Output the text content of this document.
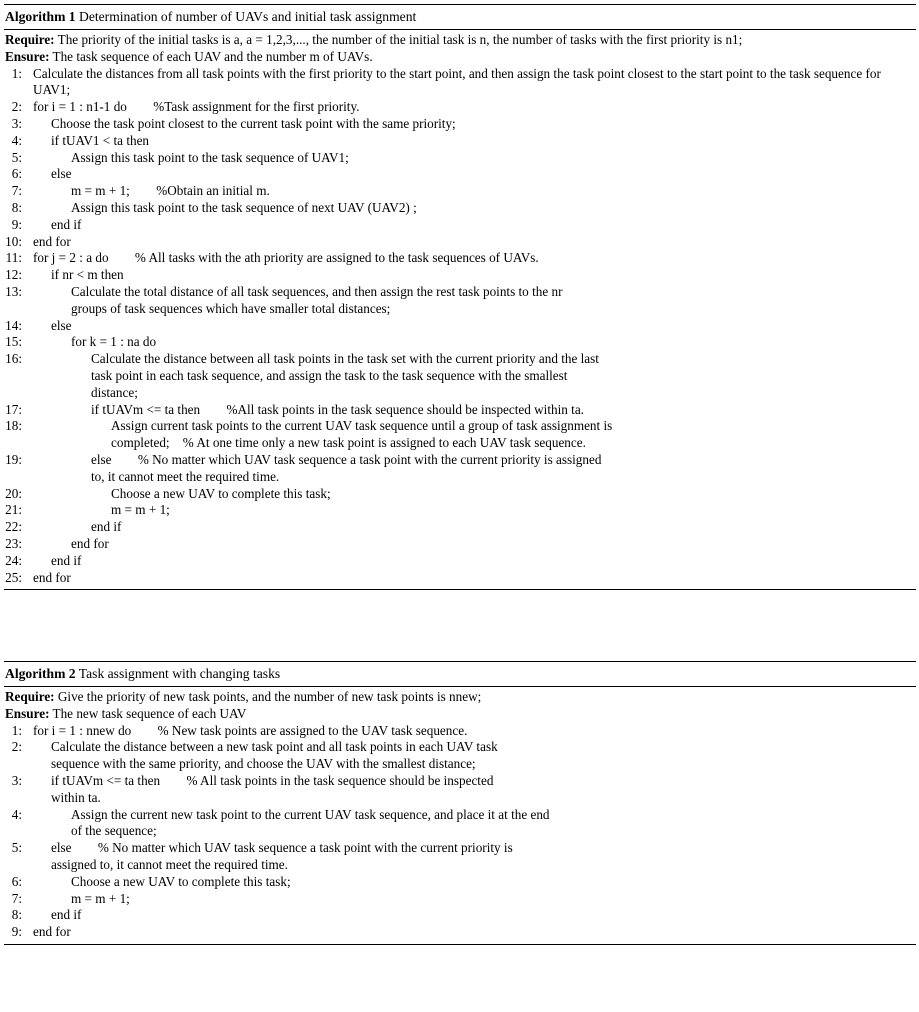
Algorithm 1 Determination of number of UAVs and initial task assignment
Require: The priority of the initial tasks is a, a = 1,2,3,..., the number of the initial task is n, the number of tasks with the first priority is n1;
Ensure: The task sequence of each UAV and the number m of UAVs.
1: Calculate the distances from all task points with the first priority to the start point, and then assign the task point closest to the start point to the task sequence for UAV1;
2: for i = 1 : n1-1 do        %Task assignment for the first priority.
3: Choose the task point closest to the current task point with the same priority;
4: if tUAV1 < ta then
5:	Assign this task point to the task sequence of UAV1;
6: else
7:	m = m + 1;        %Obtain an initial m.
8:	Assign this task point to the task sequence of next UAV (UAV2) ;
9: end if
10: end for
11: for j = 2 : a do        % All tasks with the ath priority are assigned to the task sequences of UAVs.
12: if nr < m then
13:	Calculate the total distance of all task sequences, and then assign the rest task points to the nr groups of task sequences which have smaller total distances;
14: else
15:	for k = 1 : na do
16:	Calculate the distance between all task points in the task set with the current priority and the last task point in each task sequence, and assign the task to the task sequence with the smallest distance;
17:	if tUAVm <= ta then        %All task points in the task sequence should be inspected within ta.
18:	Assign current task points to the current UAV task sequence until a group of task assignment is completed;    % At one time only a new task point is assigned to each UAV task sequence.
19:	else        % No matter which UAV task sequence a task point with the current priority is assigned to, it cannot meet the required time.
20:	Choose a new UAV to complete this task;
21:	m = m + 1;
22:	end if
23:	end for
24: end if
25: end for
Algorithm 2 Task assignment with changing tasks
Require: Give the priority of new task points, and the number of new task points is nnew;
Ensure: The new task sequence of each UAV
1: for i = 1 : nnew do        % New task points are assigned to the UAV task sequence.
2: Calculate the distance between a new task point and all task points in each UAV task sequence with the same priority, and choose the UAV with the smallest distance;
3: if tUAVm <= ta then        % All task points in the task sequence should be inspected within ta.
4:	Assign the current new task point to the current UAV task sequence, and place it at the end of the sequence;
5: else        % No matter which UAV task sequence a task point with the current priority is assigned to, it cannot meet the required time.
6:	Choose a new UAV to complete this task;
7:	m = m + 1;
8: end if
9: end for
